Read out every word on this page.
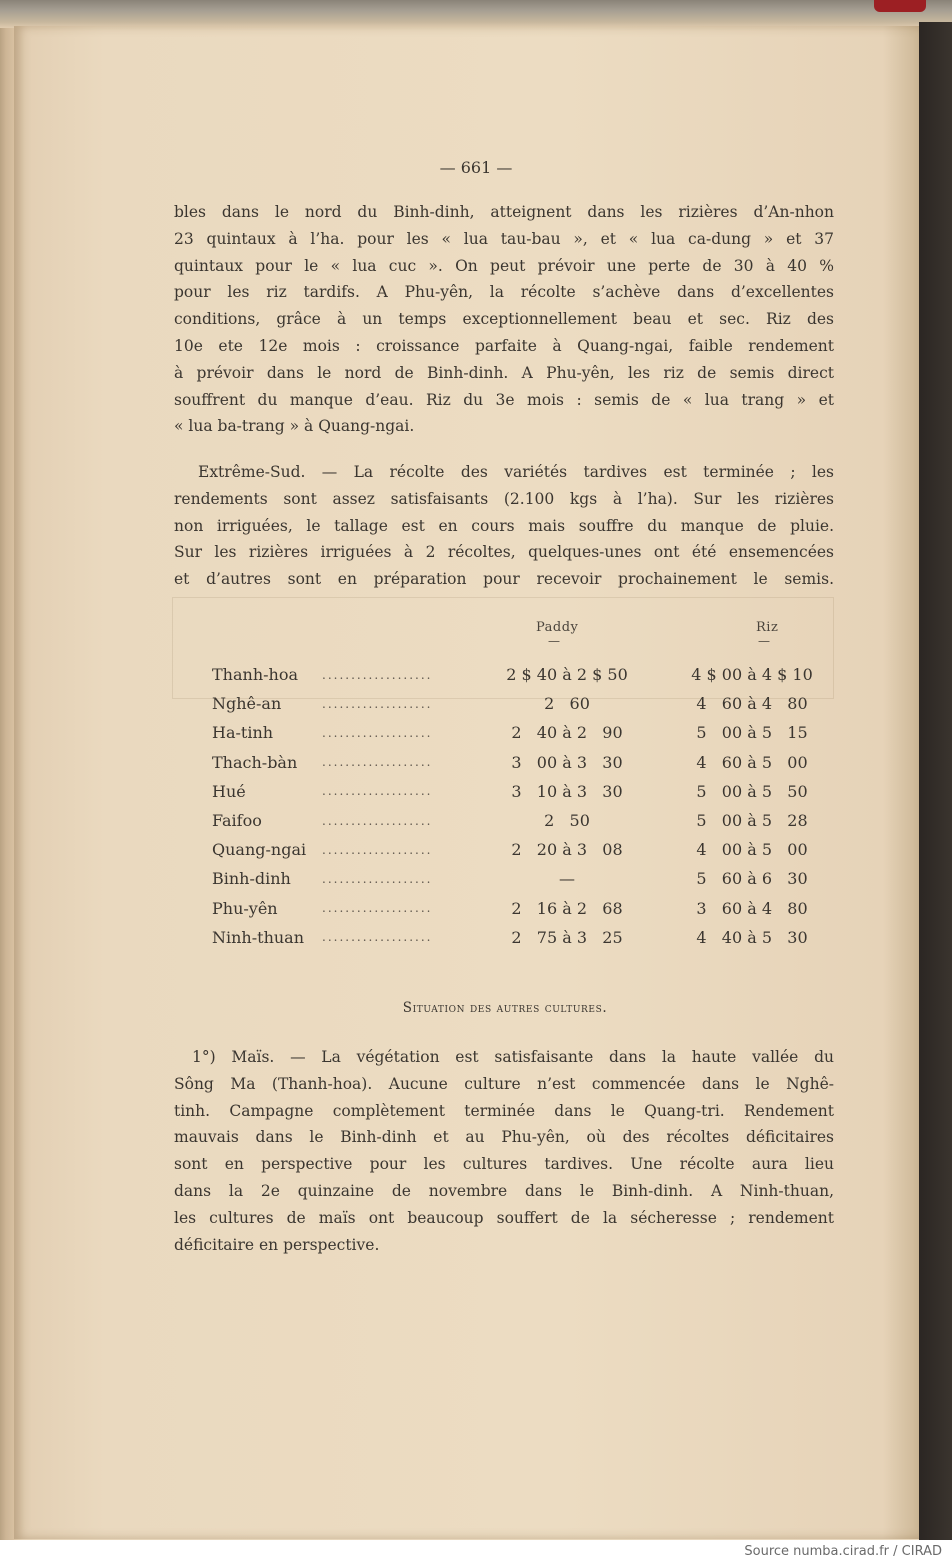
— 661 —
bles dans le nord du Binh-dinh, atteignent dans les rizières d’An-nhon
23 quintaux à l’ha. pour les « lua tau-bau », et « lua ca-dung » et 37
quintaux pour le « lua cuc ». On peut prévoir une perte de 30 à 40 %
pour les riz tardifs. A Phu-yên, la récolte s’achève dans d’excellentes
conditions, grâce à un temps exceptionnellement beau et sec. Riz des
10e ete 12e mois : croissance parfaite à Quang-ngai, faible rendement
à prévoir dans le nord de Binh-dinh. A Phu-yên, les riz de semis direct
souffrent du manque d’eau. Riz du 3e mois : semis de « lua trang » et
« lua ba-trang » à Quang-ngai.
Extrême-Sud. — La récolte des variétés tardives est terminée ; les
rendements sont assez satisfaisants (2.100 kgs à l’ha). Sur les rizières
non irriguées, le tallage est en cours mais souffre du manque de pluie.
Sur les rizières irriguées à 2 récoltes, quelques-unes ont été ensemencées
et d’autres sont en préparation pour recevoir prochainement le semis.
Paddy
—
Riz
—
Thanh-hoa	...................	2 $ 40 à 2 $ 50	4 $ 00 à 4 $ 10
Nghê-an	...................	2   60	4   60 à 4   80
Ha-tinh	...................	2   40 à 2   90	5   00 à 5   15
Thach-bàn	...................	3   00 à 3   30	4   60 à 5   00
Hué	...................	3   10 à 3   30	5   00 à 5   50
Faifoo	...................	2   50	5   00 à 5   28
Quang-ngai	...................	2   20 à 3   08	4   00 à 5   00
Binh-dinh	...................	—	5   60 à 6   30
Phu-yên	...................	2   16 à 2   68	3   60 à 4   80
Ninh-thuan	...................	2   75 à 3   25	4   40 à 5   30
Situation des autres cultures.
1°) Maïs. — La végétation est satisfaisante dans la haute vallée du
Sông Ma (Thanh-hoa). Aucune culture n’est commencée dans le Nghê-
tinh. Campagne complètement terminée dans le Quang-tri. Rendement
mauvais dans le Binh-dinh et au Phu-yên, où des récoltes déficitaires
sont en perspective pour les cultures tardives. Une récolte aura lieu
dans la 2e quinzaine de novembre dans le Binh-dinh. A Ninh-thuan,
les cultures de maïs ont beaucoup souffert de la sécheresse ; rendement
déficitaire en perspective.
Source numba.cirad.fr / CIRAD
